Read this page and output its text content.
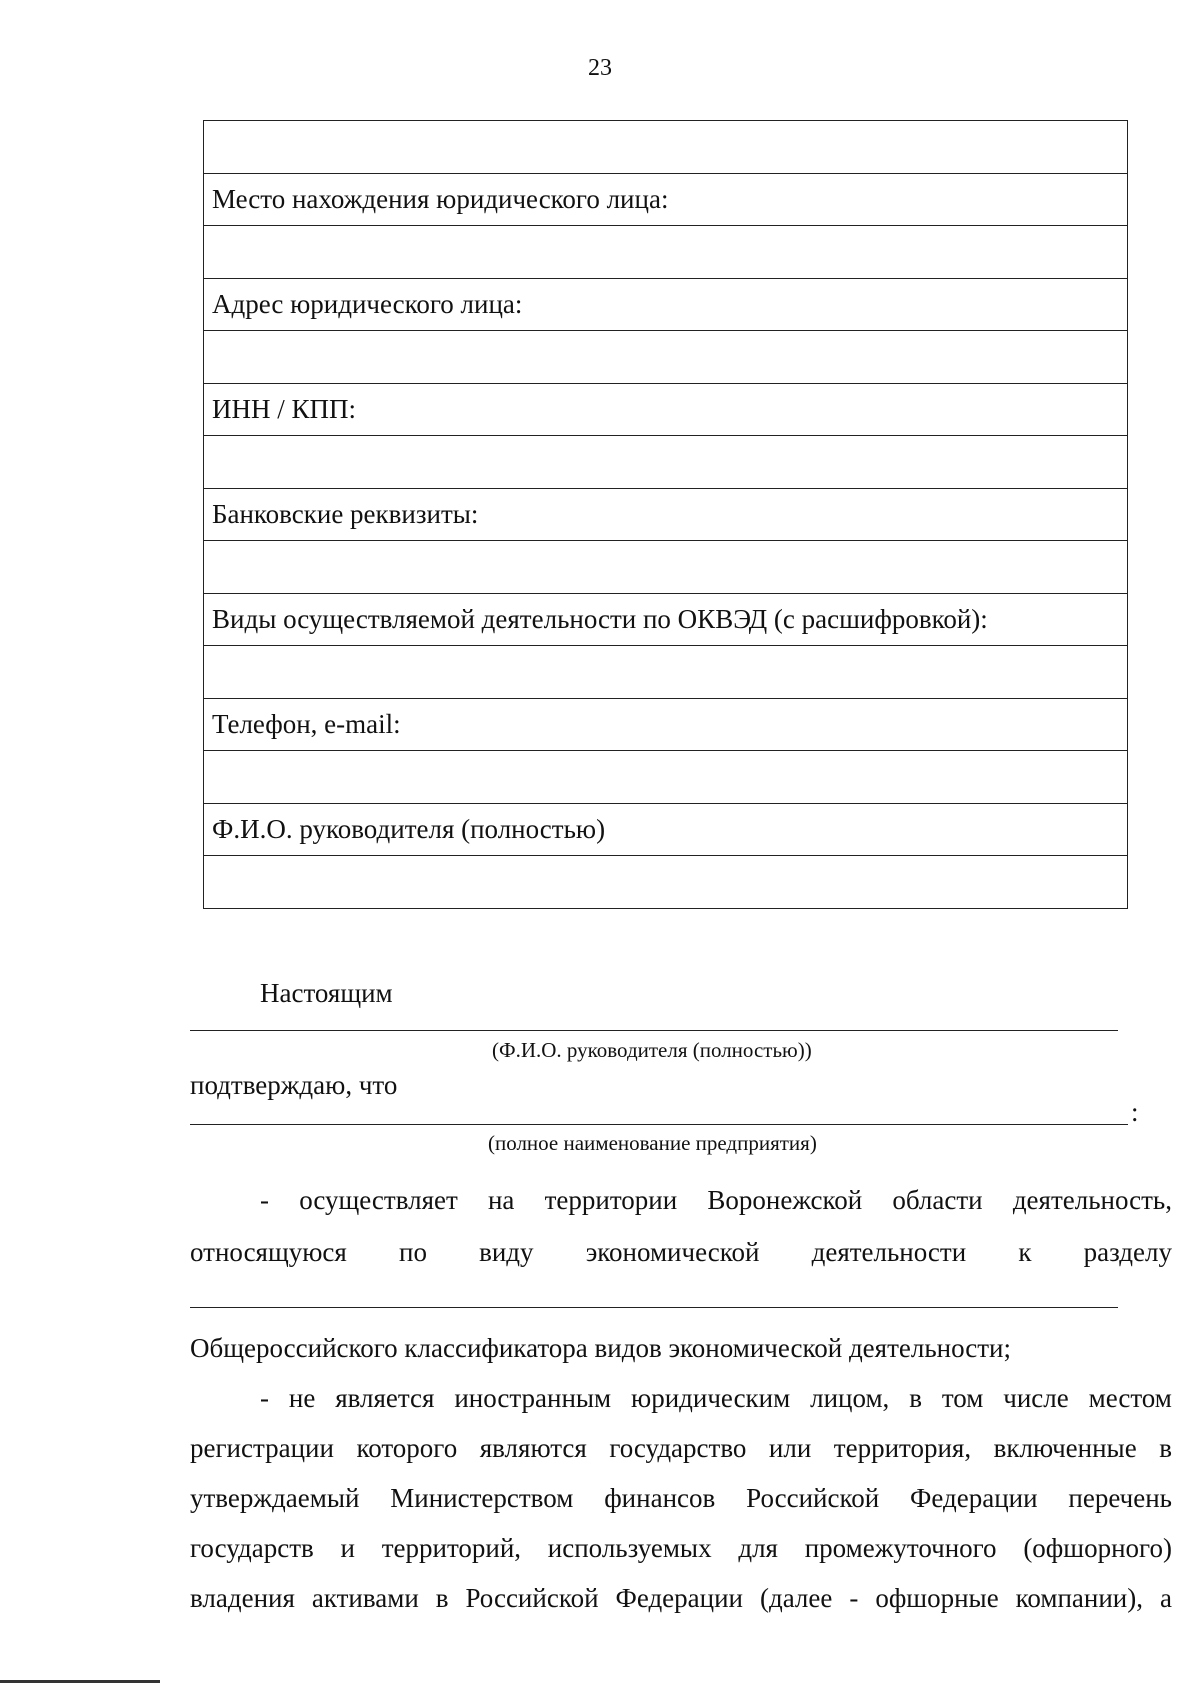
23

Место нахождения юридического лица:

Адрес юридического лица:

ИНН / КПП:

Банковские реквизиты:

Виды осуществляемой деятельности по ОКВЭД (с расшифровкой):

Телефон, e-mail:

Ф.И.О. руководителя (полностью)

Настоящим
(Ф.И.О. руководителя (полностью))
подтверждаю, что
:
(полное наименование предприятия)
- осуществляет на территории Воронежской области деятельность,
относящуюся по виду экономической деятельности к разделу
Общероссийского классификатора видов экономической деятельности;
- не является иностранным юридическим лицом, в том числе местом
регистрации которого являются государство или территория, включенные в
утверждаемый Министерством финансов Российской Федерации перечень
государств и территорий, используемых для промежуточного (офшорного)
владения активами в Российской Федерации (далее - офшорные компании), а
